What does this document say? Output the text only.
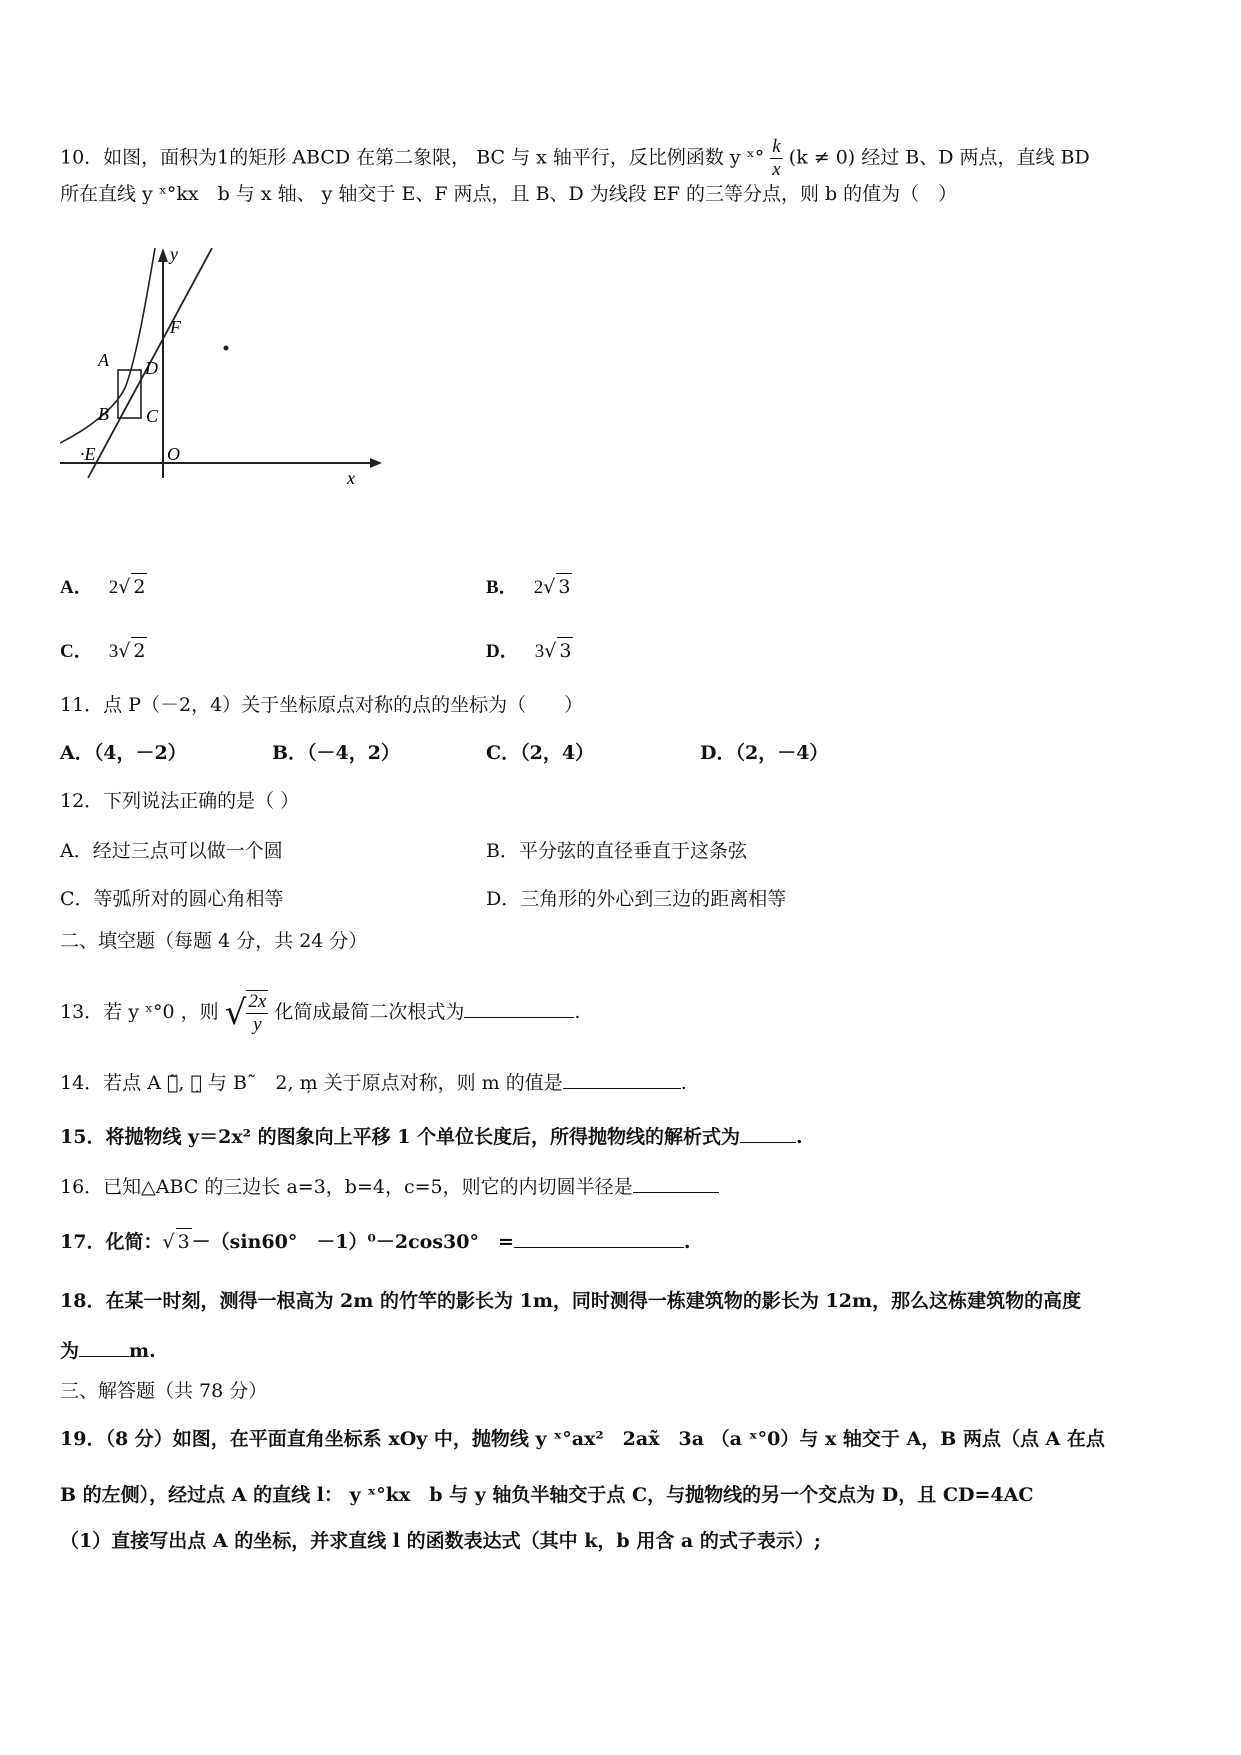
10．如图，面积为1的矩形 ABCD 在第二象限， BC 与 x 轴平行，反比例函数 y ˣ° $\frac{k}{x} (k \ne 0)$ 经过 B、D 两点，直线 BD
所在直线 y ˣ°kx　b 与 x 轴、 y 轴交于 E、F 两点，且 B、D 为线段 EF 的三等分点，则 b 的值为（　）
y
x
F
A D
B C
·E	O
A． 2√ 2	B． 2√ 3
C． 3√ 2	D． 3√ 3
11．点 P（－2，4）关于坐标原点对称的点的坐标为（　　）
A．（4，－2）	B．（－4，2）	C．（2，4）	D．（2，－4）
12．下列说法正确的是（ ）
A．经过三点可以做一个圆	B．平分弦的直径垂直于这条弦
C．等弧所对的圆心角相等	D．三角形的外心到三边的距离相等
二、填空题（每题 4 分，共 24 分）
13．若 y ˣ°0 ，则 √ $\frac{2x}{y}$ 化简成最简二次根式为	.
14．若点 A ２̃, １̣ 与 B˜　2, m̦ 关于原点对称，则 m 的值是	.
15．将抛物线 y＝2x² 的图象向上平移 1 个单位长度后，所得抛物线的解析式为	.
16．已知△ABC 的三边长 a=3，b=4，c=5，则它的内切圆半径是
17．化简：√ 3 －（sin60°　－1）⁰－2cos30°　=	.
18．在某一时刻，测得一根高为 2m 的竹竿的影长为 1m，同时测得一栋建筑物的影长为 12m，那么这栋建筑物的高度
为	m.
三、解答题（共 78 分）
19．（8 分）如图，在平面直角坐标系 xOy 中，抛物线 y ˣ°ax²　2ax̃　3a （a ˣ°0）与 x 轴交于 A，B 两点（点 A 在点
B 的左侧），经过点 A 的直线 l： y ˣ°kx　b 与 y 轴负半轴交于点 C，与抛物线的另一个交点为 D，且 CD=4AC
（1）直接写出点 A 的坐标，并求直线 l 的函数表达式（其中 k，b 用含 a 的式子表示）;
